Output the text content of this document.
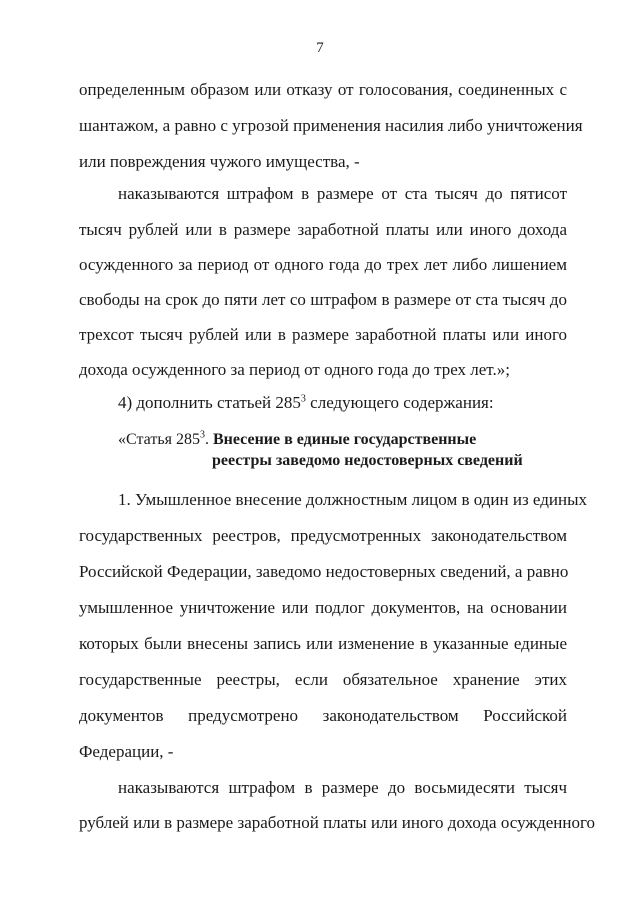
7
определенным образом или отказу от голосования, соединенных с
шантажом, а равно с угрозой применения насилия либо уничтожения
или повреждения чужого имущества, -
наказываются штрафом в размере от ста тысяч до пятисот
тысяч рублей или в размере заработной платы или иного дохода
осужденного за период от одного года до трех лет либо лишением
свободы на срок до пяти лет со штрафом в размере от ста тысяч до
трехсот тысяч рублей или в размере заработной платы или иного
дохода осужденного за период от одного года до трех лет.»;
4) дополнить статьей $285^3$ следующего содержания:
«Статья $285^3$. Внесение в единые государственные
реестры заведомо недостоверных сведений
1. Умышленное внесение должностным лицом в один из единых
государственных реестров, предусмотренных законодательством
Российской Федерации, заведомо недостоверных сведений, а равно
умышленное уничтожение или подлог документов, на основании
которых были внесены запись или изменение в указанные единые
государственные реестры, если обязательное хранение этих
документов предусмотрено законодательством Российской
Федерации, -
наказываются штрафом в размере до восьмидесяти тысяч
рублей или в размере заработной платы или иного дохода осужденного
